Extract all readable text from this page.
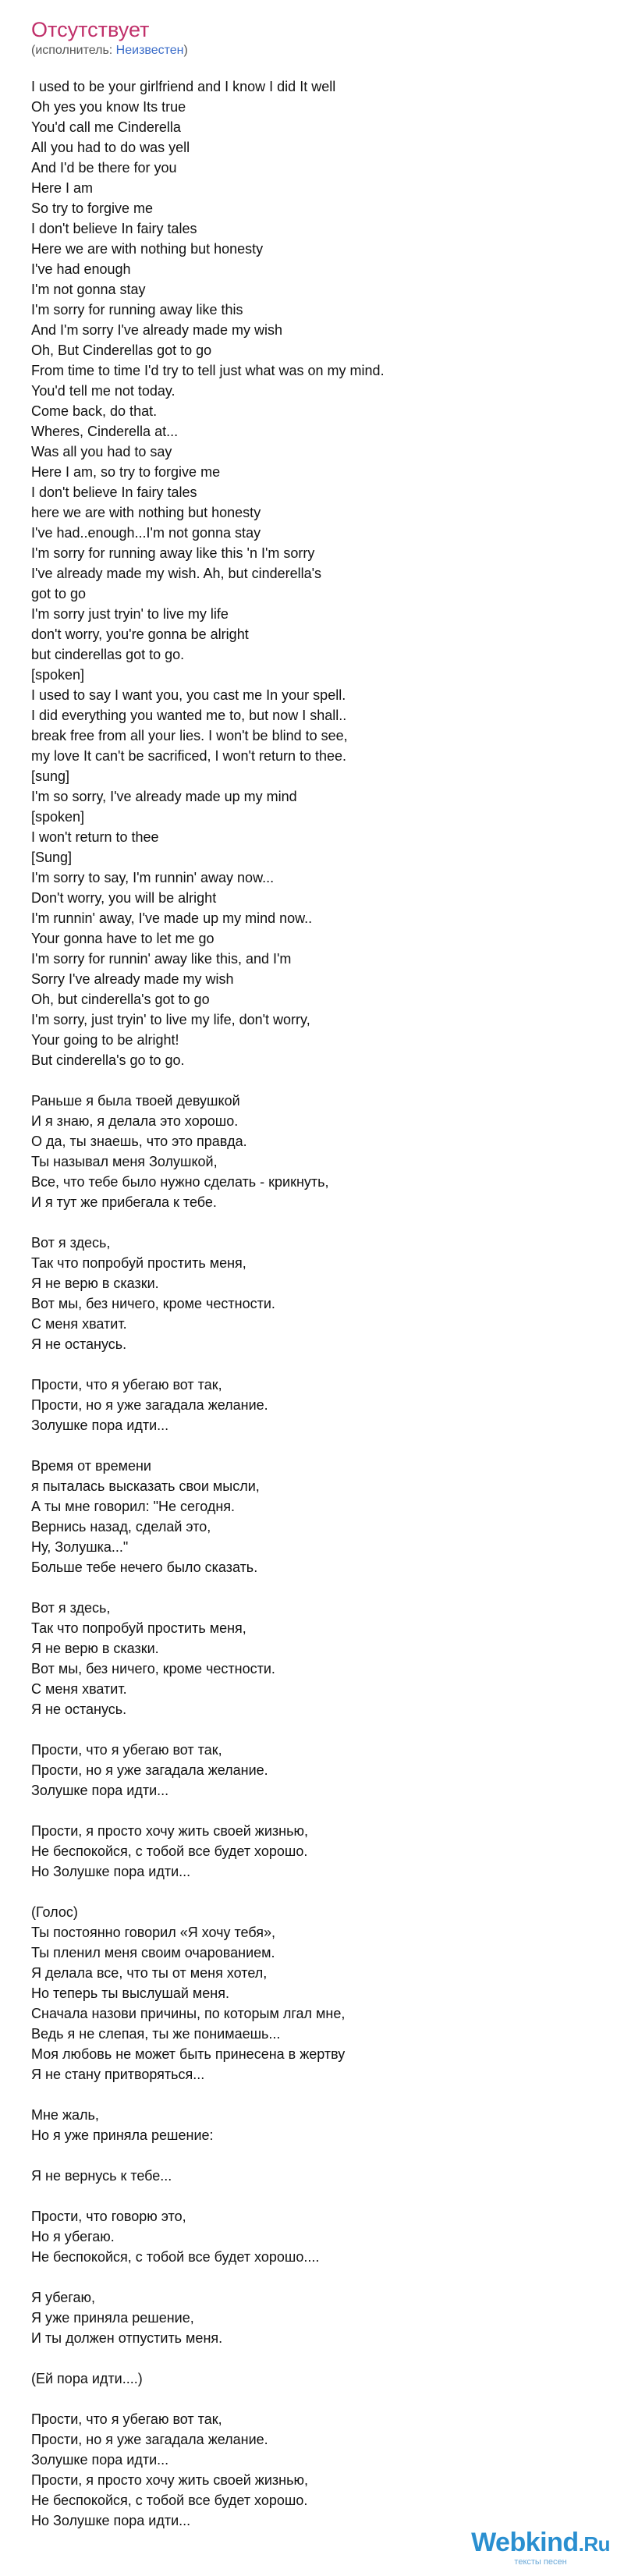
Отсутствует
(исполнитель: Неизвестен)
I used to be your girlfriend and I know I did It well
Oh yes you know Its true
You'd call me Cinderella
All you had to do was yell
And I'd be there for you
Here I am
So try to forgive me
I don't believe In fairy tales
Here we are with nothing but honesty
I've had enough
I'm not gonna stay
I'm sorry for running away like this
And I'm sorry I've already made my wish
Oh, But Cinderellas got to go
From time to time I'd try to tell just what was on my mind.
You'd tell me not today.
Come back, do that.
Wheres, Cinderella at...
Was all you had to say
Here I am, so try to forgive me
I don't believe In fairy tales
here we are with nothing but honesty
I've had..enough...I'm not gonna stay
I'm sorry for running away like this 'n I'm sorry
I've already made my wish. Ah, but cinderella's
got to go
I'm sorry just tryin' to live my life
don't worry, you're gonna be alright
but cinderellas got to go.
[spoken]
I used to say I want you, you cast me In your spell.
I did everything you wanted me to, but now I shall..
break free from all your lies. I won't be blind to see,
my love It can't be sacrificed, I won't return to thee.
[sung]
I'm so sorry, I've already made up my mind
[spoken]
I won't return to thee
[Sung]
I'm sorry to say, I'm runnin' away now...
Don't worry, you will be alright
I'm runnin' away, I've made up my mind now..
Your gonna have to let me go
I'm sorry for runnin' away like this, and I'm
Sorry I've already made my wish
Oh, but cinderella's got to go
I'm sorry, just tryin' to live my life, don't worry,
Your going to be alright!
But cinderella's go to go.
Раньше я была твоей девушкой
И я знаю, я делала это хорошо.
О да, ты знаешь, что это правда.
Ты называл меня Золушкой,
Все, что тебе было нужно сделать - крикнуть,
И я тут же прибегала к тебе.
Вот я здесь,
Так что попробуй простить меня,
Я не верю в сказки.
Вот мы, без ничего, кроме честности.
С меня хватит.
Я не останусь.
Прости, что я убегаю вот так,
Прости, но я уже загадала желание.
Золушке пора идти...
Время от времени
я пыталась высказать свои мысли,
А ты мне говорил: "Не сегодня.
Вернись назад, сделай это,
Ну, Золушка..."
Больше тебе нечего было сказать.
Вот я здесь,
Так что попробуй простить меня,
Я не верю в сказки.
Вот мы, без ничего, кроме честности.
С меня хватит.
Я не останусь.
Прости, что я убегаю вот так,
Прости, но я уже загадала желание.
Золушке пора идти...
Прости, я просто хочу жить своей жизнью,
Не беспокойся, с тобой все будет хорошо.
Но Золушке пора идти...
(Голос)
Ты постоянно говорил «Я хочу тебя»,
Ты пленил меня своим очарованием.
Я делала все, что ты от меня хотел,
Но теперь ты выслушай меня.
Сначала назови причины, по которым лгал мне,
Ведь я не слепая, ты же понимаешь...
Моя любовь не может быть принесена в жертву
Я не стану притворяться...
Мне жаль,
Но я уже приняла решение:
Я не вернусь к тебе...
Прости, что говорю это,
Но я убегаю.
Не беспокойся, с тобой все будет хорошо....
Я убегаю,
Я уже приняла решение,
И ты должен отпустить меня.
(Ей пора идти....)
Прости, что я убегаю вот так,
Прости, но я уже загадала желание.
Золушке пора идти...
Прости, я просто хочу жить своей жизнью,
Не беспокойся, с тобой все будет хорошо.
Но Золушке пора идти...
Webkind.Ru
тексты песен
